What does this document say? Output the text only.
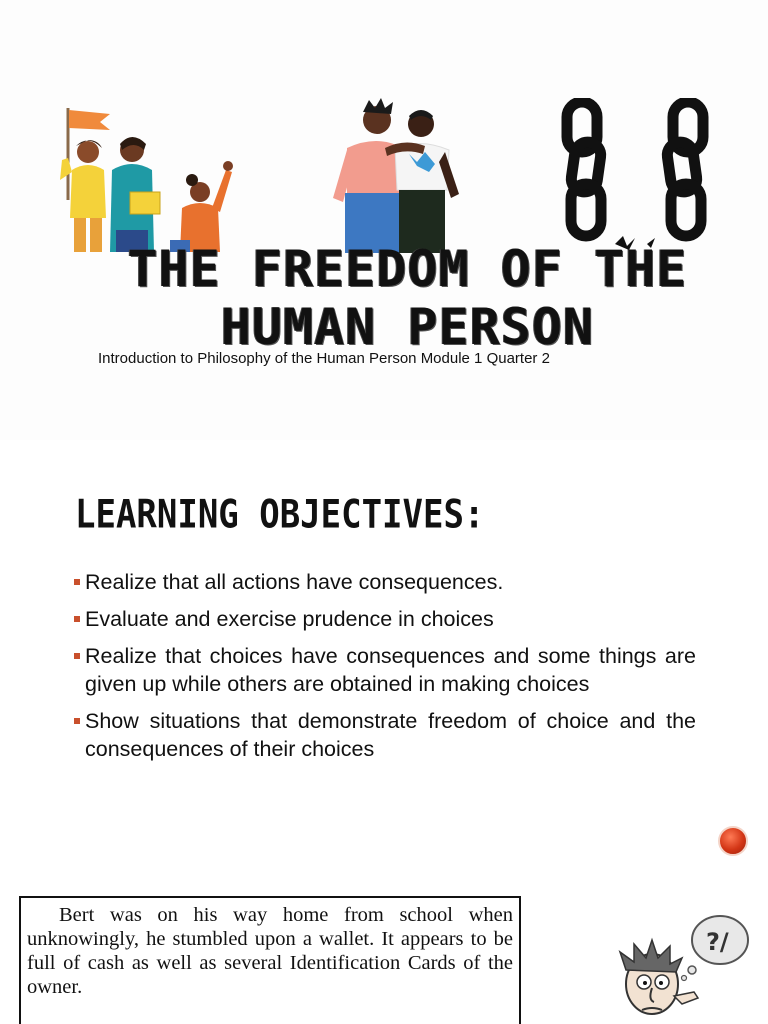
THE FREEDOM OF THE HUMAN PERSON

Introduction to Philosophy of the Human Person Module 1 Quarter 2

LEARNING OBJECTIVES:
Realize that all actions have consequences.
Evaluate and exercise prudence in choices
Realize that choices have consequences and some things are given up while others are obtained in making choices
Show situations that demonstrate freedom of choice and the consequences of their choices

Bert was on his way home from school when unknowingly, he stumbled upon a wallet. It appears to be full of cash as well as several Identification Cards of the owner.

?/
